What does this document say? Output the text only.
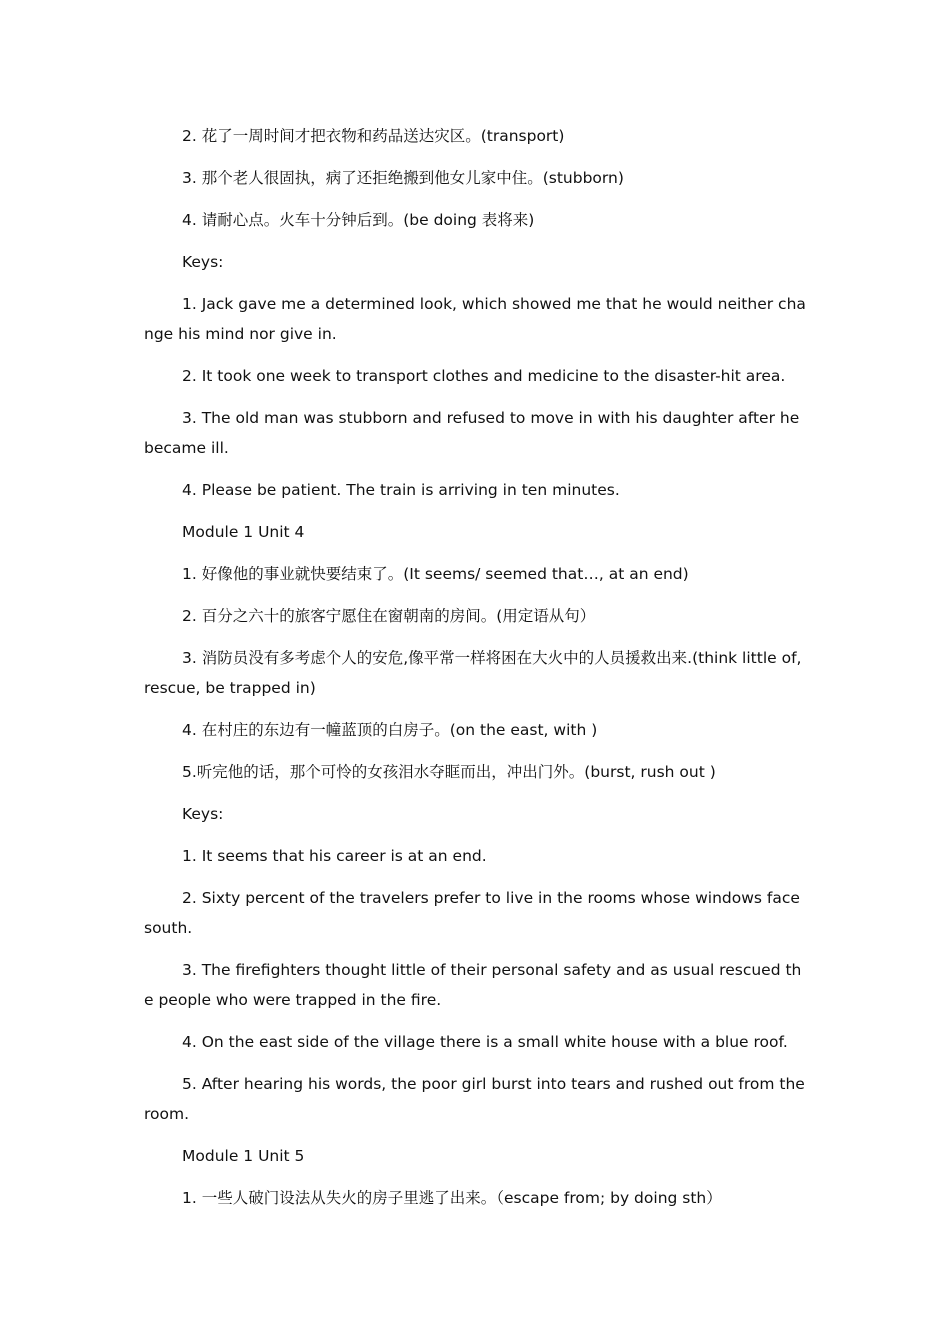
2. 花了一周时间才把衣物和药品送达灾区。(transport)

3. 那个老人很固执，病了还拒绝搬到他女儿家中住。(stubborn)

4. 请耐心点。火车十分钟后到。(be doing 表将来)

Keys:

1. Jack gave me a determined look, which showed me that he would neither change his mind nor give in.

2. It took one week to transport clothes and medicine to the disaster-hit area.

3. The old man was stubborn and refused to move in with his daughter after he became ill.

4. Please be patient. The train is arriving in ten minutes.

Module 1 Unit 4

1. 好像他的事业就快要结束了。(It seems/ seemed that…, at an end)

2. 百分之六十的旅客宁愿住在窗朝南的房间。(用定语从句）

3. 消防员没有多考虑个人的安危,像平常一样将困在大火中的人员援救出来.(think little of, rescue, be trapped in)

4. 在村庄的东边有一幢蓝顶的白房子。(on the east, with )

5.听完他的话，那个可怜的女孩泪水夺眶而出，冲出门外。(burst, rush out )

Keys:

1. It seems that his career is at an end.

2. Sixty percent of the travelers prefer to live in the rooms whose windows face south.

3. The firefighters thought little of their personal safety and as usual rescued the people who were trapped in the fire.

4. On the east side of the village there is a small white house with a blue roof.

5. After hearing his words, the poor girl burst into tears and rushed out from the room.

Module 1 Unit 5

1. 一些人破门设法从失火的房子里逃了出来。（escape from; by doing sth）
